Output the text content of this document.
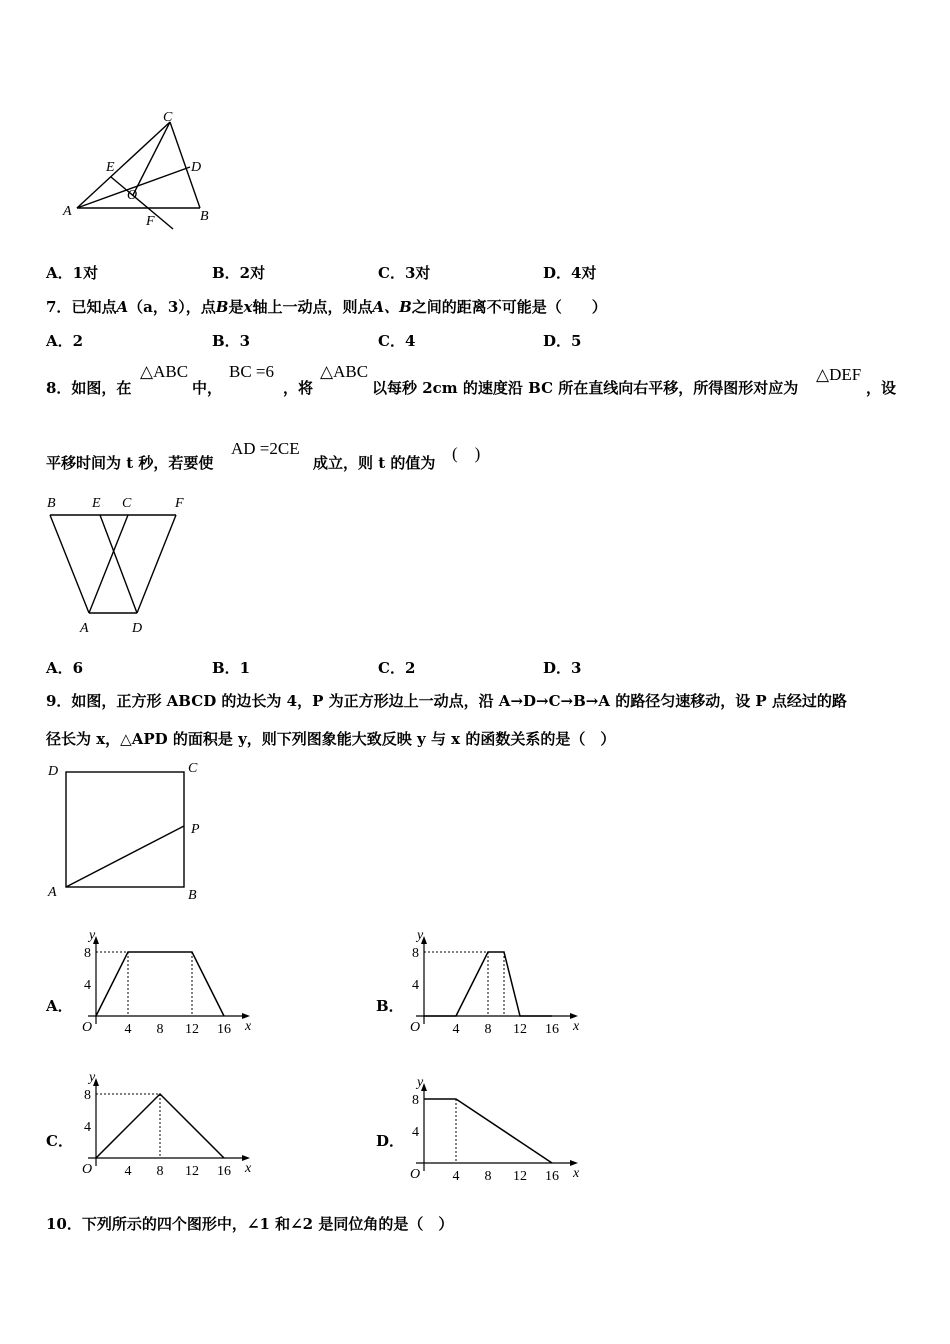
C
E	D
O
A
F	B
A．1对	B．2对	C．3对	D．4对
7．已知点A（a，3），点B是x轴上一动点，则点A、B之间的距离不可能是（　　）
A．2	B．3	C．4	D．5
8．如图，在
△ABC
中，
BC =6
，将
△ABC
以每秒 2cm 的速度沿 BC 所在直线向右平移，所得图形对应为
△DEF
，设
平移时间为 t 秒，若要使
AD =2CE
成立，则 t 的值为 (　)
B	E C	F
A	D
A．6	B．1	C．2	D．3
9．如图，正方形 ABCD 的边长为 4，P 为正方形边上一动点，沿 A→D→C→B→A 的路径匀速移动，设 P 点经过的路
径长为 x，△APD 的面积是 y，则下列图象能大致反映 y 与 x 的函数关系的是（　）
D	C
P
A	B
A．	B．
C．	D．
y
x
O 4 8 12 16
4
8
y
x
O 4 8 12 16
4
8
y
x
O 4 8 12 16
4
8
y
x
O 4 8 12 16
4
8
10．下列所示的四个图形中，∠1 和∠2 是同位角的是（　）
